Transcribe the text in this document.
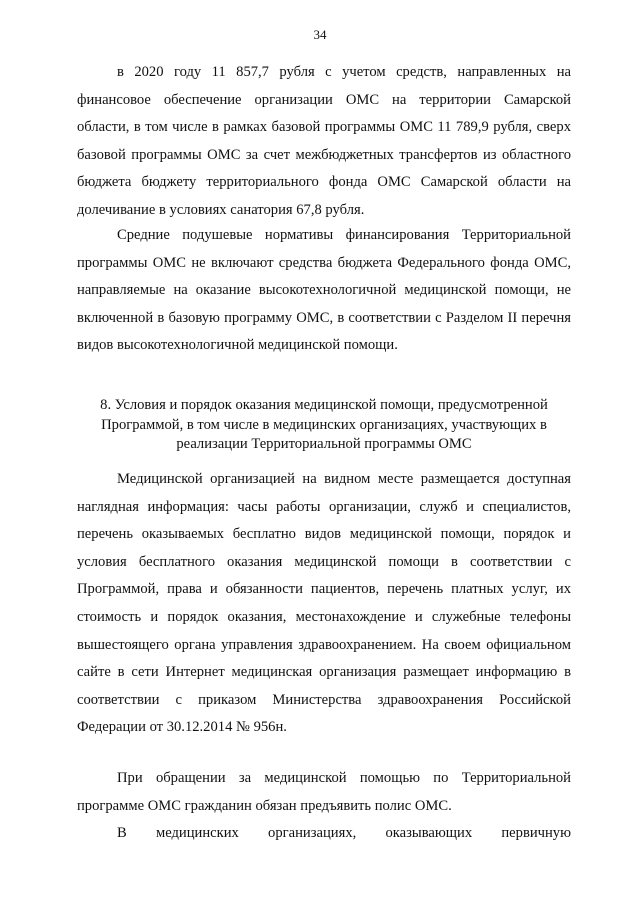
34

в 2020 году 11 857,7 рубля с учетом средств, направленных на финансовое обеспечение организации ОМС на территории Самарской области, в том числе в рамках базовой программы ОМС 11 789,9 рубля, сверх базовой программы ОМС за счет межбюджетных трансфертов из областного бюджета бюджету территориального фонда ОМС Самарской области на долечивание в условиях санатория 67,8 рубля.

Средние подушевые нормативы финансирования Территориальной программы ОМС не включают средства бюджета Федерального фонда ОМС, направляемые на оказание высокотехнологичной медицинской помощи, не включенной в базовую программу ОМС, в соответствии с Разделом II перечня видов высокотехнологичной медицинской помощи.

8. Условия и порядок оказания медицинской помощи, предусмотренной Программой, в том числе в медицинских организациях, участвующих в реализации Территориальной программы ОМС

Медицинской организацией на видном месте размещается доступная наглядная информация: часы работы организации, служб и специалистов, перечень оказываемых бесплатно видов медицинской помощи, порядок и условия бесплатного оказания медицинской помощи в соответствии с Программой, права и обязанности пациентов, перечень платных услуг, их стоимость и порядок оказания, местонахождение и служебные телефоны вышестоящего органа управления здравоохранением. На своем официальном сайте в сети Интернет медицинская организация размещает информацию в соответствии с приказом Министерства здравоохранения Российской Федерации от 30.12.2014 № 956н.

При обращении за медицинской помощью по Территориальной программе ОМС гражданин обязан предъявить полис ОМС.

В медицинских организациях, оказывающих первичную
